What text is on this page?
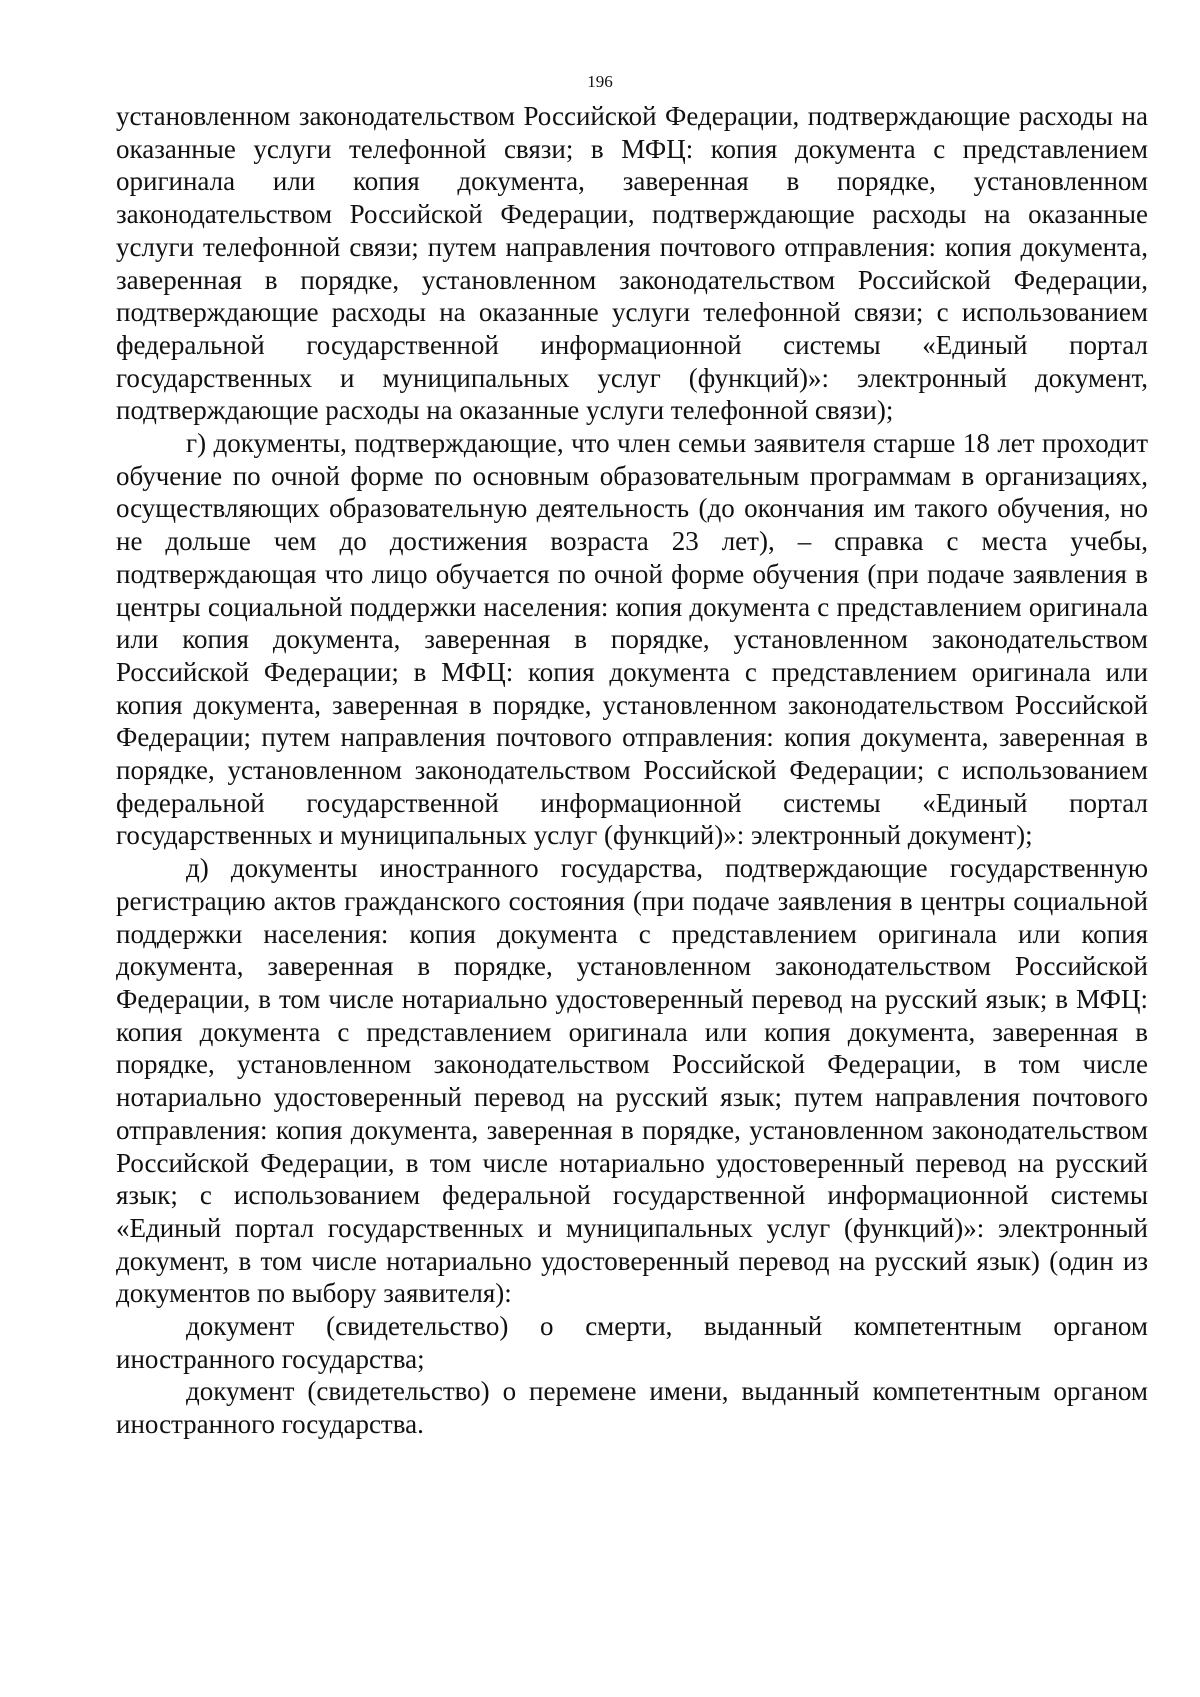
196

установленном законодательством Российской Федерации, подтверждающие расходы на оказанные услуги телефонной связи; в МФЦ: копия документа с представлением оригинала или копия документа, заверенная в порядке, установленном законодательством Российской Федерации, подтверждающие расходы на оказанные услуги телефонной связи; путем направления почтового отправления: копия документа, заверенная в порядке, установленном законодательством Российской Федерации, подтверждающие расходы на оказанные услуги телефонной связи; с использованием федеральной государственной информационной системы «Единый портал государственных и муниципальных услуг (функций)»: электронный документ, подтверждающие расходы на оказанные услуги телефонной связи);

г) документы, подтверждающие, что член семьи заявителя старше 18 лет проходит обучение по очной форме по основным образовательным программам в организациях, осуществляющих образовательную деятельность (до окончания им такого обучения, но не дольше чем до достижения возраста 23 лет), – справка с места учебы, подтверждающая что лицо обучается по очной форме обучения (при подаче заявления в центры социальной поддержки населения: копия документа с представлением оригинала или копия документа, заверенная в порядке, установленном законодательством Российской Федерации; в МФЦ: копия документа с представлением оригинала или копия документа, заверенная в порядке, установленном законодательством Российской Федерации; путем направления почтового отправления: копия документа, заверенная в порядке, установленном законодательством Российской Федерации; с использованием федеральной государственной информационной системы «Единый портал государственных и муниципальных услуг (функций)»: электронный документ);

д) документы иностранного государства, подтверждающие государственную регистрацию актов гражданского состояния (при подаче заявления в центры социальной поддержки населения: копия документа с представлением оригинала или копия документа, заверенная в порядке, установленном законодательством Российской Федерации, в том числе нотариально удостоверенный перевод на русский язык; в МФЦ: копия документа с представлением оригинала или копия документа, заверенная в порядке, установленном законодательством Российской Федерации, в том числе нотариально удостоверенный перевод на русский язык; путем направления почтового отправления: копия документа, заверенная в порядке, установленном законодательством Российской Федерации, в том числе нотариально удостоверенный перевод на русский язык; с использованием федеральной государственной информационной системы «Единый портал государственных и муниципальных услуг (функций)»: электронный документ, в том числе нотариально удостоверенный перевод на русский язык) (один из документов по выбору заявителя):

документ (свидетельство) о смерти, выданный компетентным органом иностранного государства;

документ (свидетельство) о перемене имени, выданный компетентным органом иностранного государства.
